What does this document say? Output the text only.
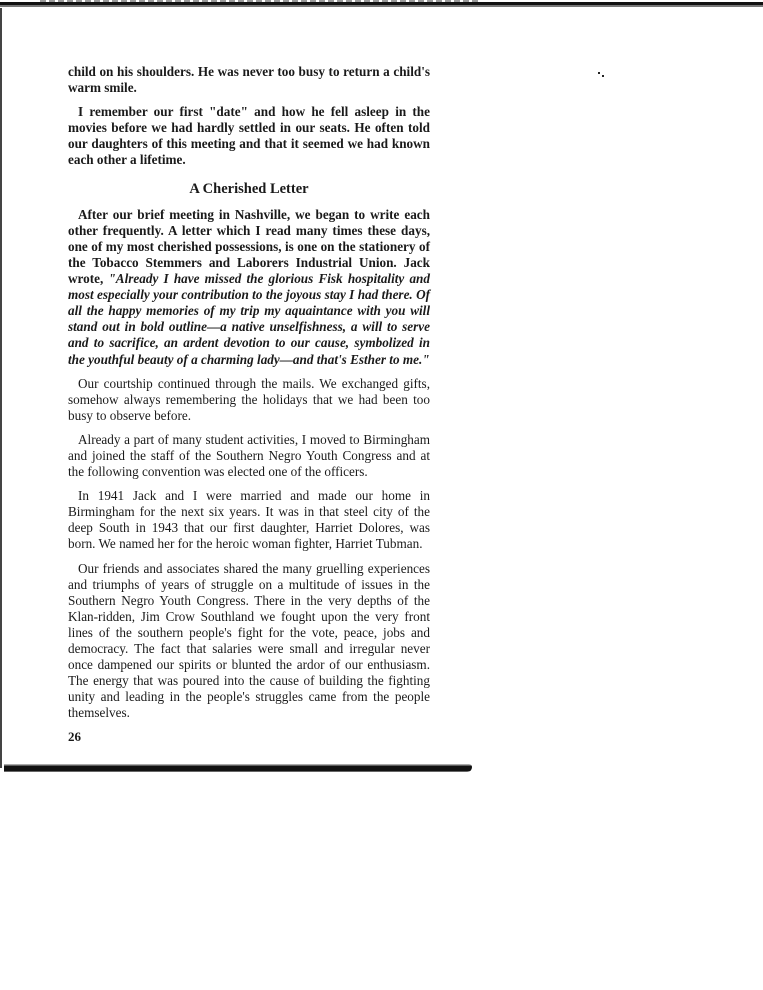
child on his shoulders. He was never too busy to return a child's warm smile.

I remember our first "date" and how he fell asleep in the movies before we had hardly settled in our seats. He often told our daughters of this meeting and that it seemed we had known each other a lifetime.

A Cherished Letter

After our brief meeting in Nashville, we began to write each other frequently. A letter which I read many times these days, one of my most cherished possessions, is one on the stationery of the Tobacco Stemmers and Laborers Industrial Union. Jack wrote, "Already I have missed the glorious Fisk hospitality and most especially your contribution to the joyous stay I had there. Of all the happy memories of my trip my aquaintance with you will stand out in bold outline—a native unselfishness, a will to serve and to sacrifice, an ardent devotion to our cause, symbolized in the youthful beauty of a charming lady—and that's Esther to me."

Our courtship continued through the mails. We exchanged gifts, somehow always remembering the holidays that we had been too busy to observe before.

Already a part of many student activities, I moved to Birmingham and joined the staff of the Southern Negro Youth Congress and at the following convention was elected one of the officers.

In 1941 Jack and I were married and made our home in Birmingham for the next six years. It was in that steel city of the deep South in 1943 that our first daughter, Harriet Dolores, was born. We named her for the heroic woman fighter, Harriet Tubman.

Our friends and associates shared the many gruelling experiences and triumphs of years of struggle on a multitude of issues in the Southern Negro Youth Congress. There in the very depths of the Klan-ridden, Jim Crow Southland we fought upon the very front lines of the southern people's fight for the vote, peace, jobs and democracy. The fact that salaries were small and irregular never once dampened our spirits or blunted the ardor of our enthusiasm. The energy that was poured into the cause of building the fighting unity and leading in the people's struggles came from the people themselves.

26
